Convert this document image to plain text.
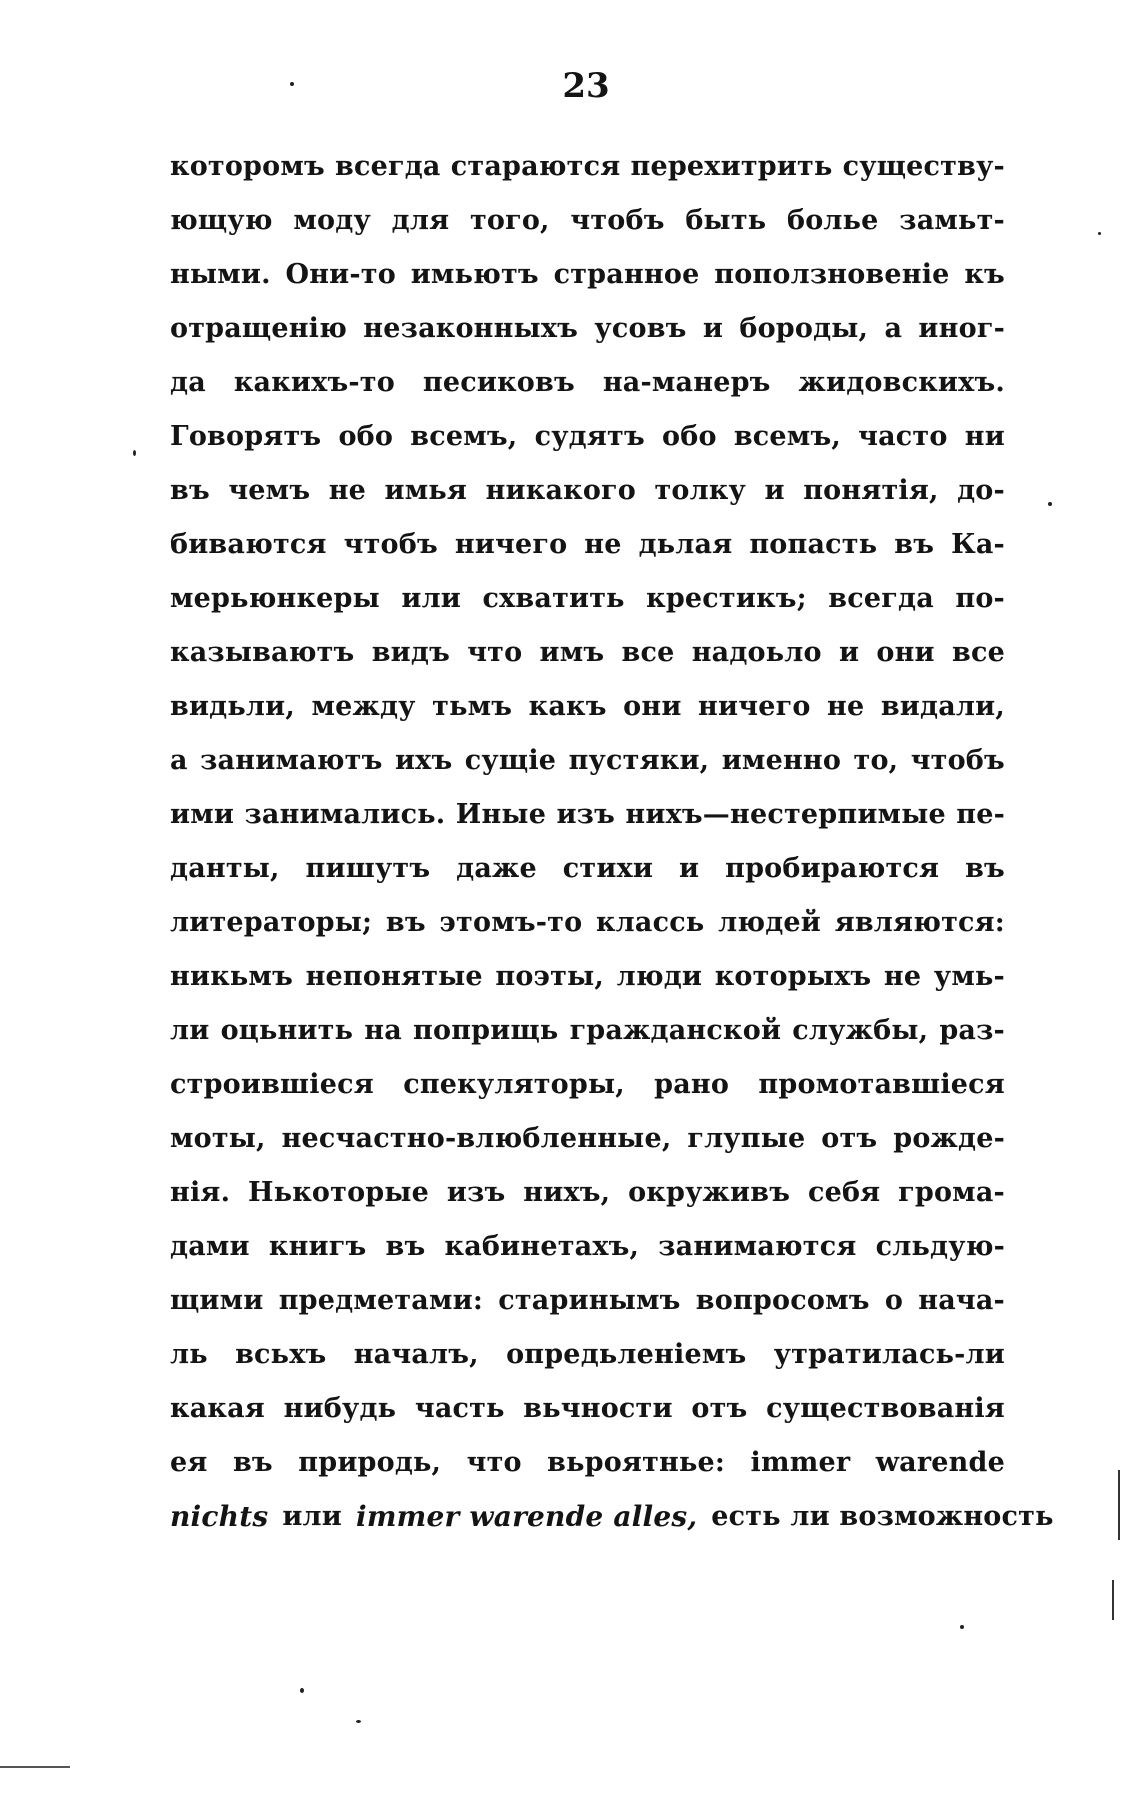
23
которомъ всегда стараются перехитрить существу-
ющую моду для того, чтобъ быть болье замьт-
ными. Они-то имьютъ странное поползновеніе къ
отращенію незаконныхъ усовъ и бороды, а иног-
да какихъ-то песиковъ на-манеръ жидовскихъ.
Говорятъ обо всемъ, судятъ обо всемъ, часто ни
въ чемъ не имья никакого толку и понятія, до-
биваются чтобъ ничего не дьлая попасть въ Ка-
мерьюнкеры или схватить крестикъ; всегда по-
казываютъ видъ что имъ все надоьло и они все
видьли, между тьмъ какъ они ничего не видали,
а занимаютъ ихъ сущіе пустяки, именно то, чтобъ
ими занимались. Иные изъ нихъ—нестерпимые пе-
данты, пишутъ даже стихи и пробираются въ
литераторы; въ этомъ-то классь людей являются:
никьмъ непонятые поэты, люди которыхъ не умь-
ли оцьнить на поприщь гражданской службы, раз-
строившіеся спекуляторы, рано промотавшіеся
моты, несчастно-влюбленные, глупые отъ рожде-
нія. Нькоторые изъ нихъ, окруживъ себя грома-
дами книгъ въ кабинетахъ, занимаются сльдую-
щими предметами: старинымъ вопросомъ о нача-
ль всьхъ началъ, опредьленіемъ утратилась-ли
какая нибудь часть вьчности отъ существованія
ея въ природь, что вьроятнье: immer warende
nichts или immer warende alles, есть ли возможность
